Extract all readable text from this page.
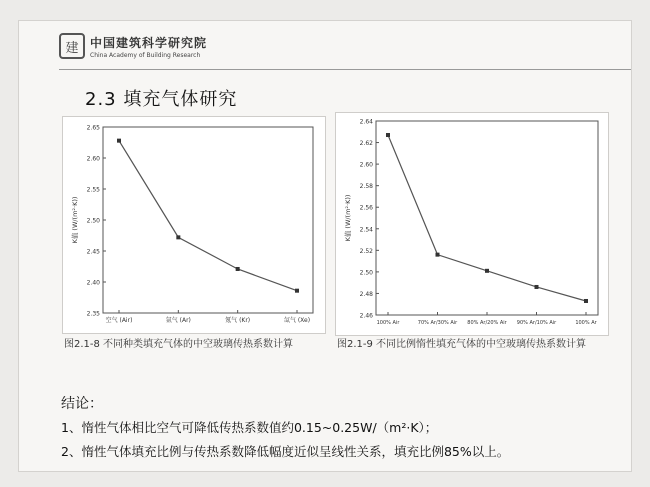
建 中国建筑科学研究院
China Academy of Building Research
2.3 填充气体研究
2.35
2.40
2.45
2.50
2.55
2.60
2.65
空气 (Air)	氩气 (Ar)	氪气 (Kr)	氙气 (Xe)
K值 (W/(m²·K))
图2.1-8 不同种类填充气体的中空玻璃传热系数计算
2.46
2.48
2.50
2.52
2.54
2.56
2.58
2.60
2.62
2.64
100% Air	70% Ar/30% Air 80% Ar/20% Air 90% Ar/10% Air	100% Ar
K值 (W/(m²·K))
图2.1-9 不同比例惰性填充气体的中空玻璃传热系数计算
结论：
1、惰性气体相比空气可降低传热系数值约0.15~0.25W/（m²·K）；
2、惰性气体填充比例与传热系数降低幅度近似呈线性关系，填充比例85%以上。
